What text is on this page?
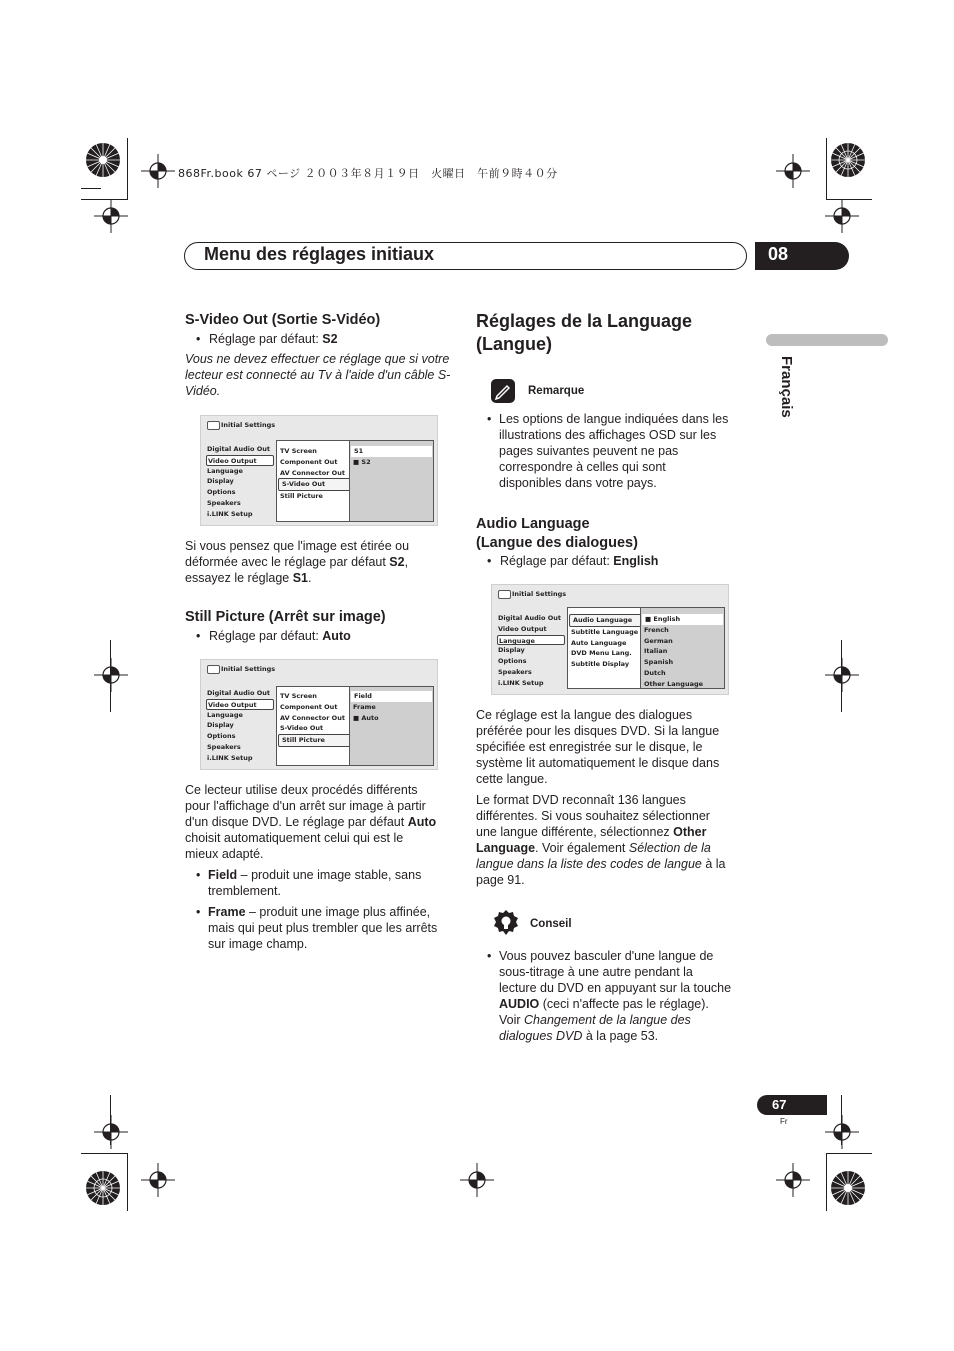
868Fr.book 67 ページ ２００３年８月１９日　火曜日　午前９時４０分
Menu des réglages initiaux	08
Français
S-Video Out (Sortie S-Vidéo)
• Réglage par défaut: S2
Vous ne devez effectuer ce réglage que si votre
lecteur est connecté au Tv à l'aide d'un câble S-
Vidéo.
Initial Settings
Digital Audio Out
Video Output
Language
Display
Options
Speakers
i.LINK Setup
TV Screen
Component Out
AV Connector Out
S-Video Out
Still Picture
S1
■ S2
Si vous pensez que l'image est étirée ou
déformée avec le réglage par défaut S2,
essayez le réglage S1.
Still Picture (Arrêt sur image)
• Réglage par défaut: Auto
Initial Settings
Digital Audio Out
Video Output
Language
Display
Options
Speakers
i.LINK Setup
TV Screen
Component Out
AV Connector Out
S-Video Out
Still Picture
Field
Frame
■ Auto
Ce lecteur utilise deux procédés différents
pour l'affichage d'un arrêt sur image à partir
d'un disque DVD. Le réglage par défaut Auto
choisit automatiquement celui qui est le
mieux adapté.
• Field – produit une image stable, sans
tremblement.
• Frame – produit une image plus affinée,
mais qui peut plus trembler que les arrêts
sur image champ.
Réglages de la Language
(Langue)
Remarque
• Les options de langue indiquées dans les
illustrations des affichages OSD sur les
pages suivantes peuvent ne pas
correspondre à celles qui sont
disponibles dans votre pays.
Audio Language
(Langue des dialogues)
• Réglage par défaut: English
Initial Settings
Digital Audio Out
Video Output
Language
Display
Options
Speakers
i.LINK Setup
Audio Language
Subtitle Language
Auto Language
DVD Menu Lang.
Subtitle Display
■ English
French
German
Italian
Spanish
Dutch
Other Language
Ce réglage est la langue des dialogues
préférée pour les disques DVD. Si la langue
spécifiée est enregistrée sur le disque, le
système lit automatiquement le disque dans
cette langue.
Le format DVD reconnaît 136 langues
différentes. Si vous souhaitez sélectionner
une langue différente, sélectionnez Other
Language. Voir également Sélection de la
langue dans la liste des codes de langue à la
page 91.
Conseil
• Vous pouvez basculer d'une langue de
sous-titrage à une autre pendant la
lecture du DVD en appuyant sur la touche
AUDIO (ceci n'affecte pas le réglage).
Voir Changement de la langue des
dialogues DVD à la page 53.
67
Fr
